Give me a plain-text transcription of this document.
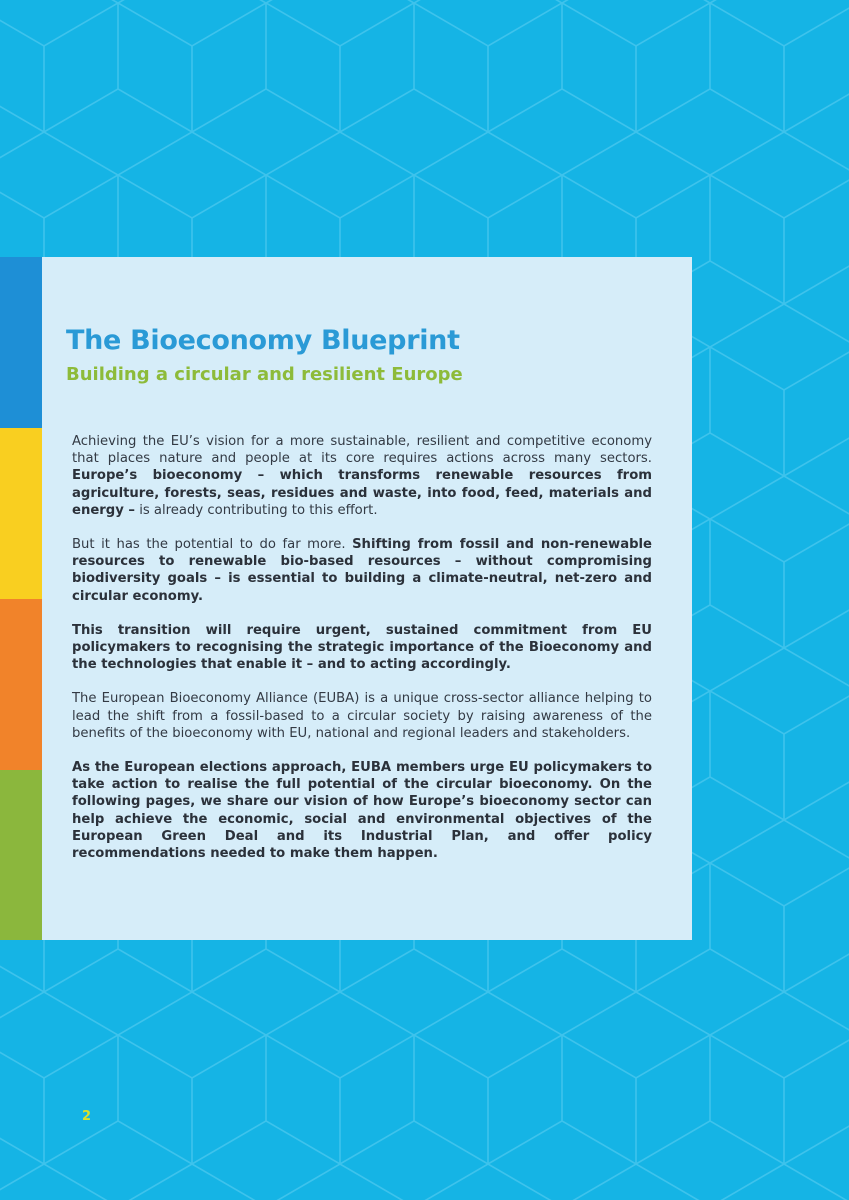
The Bioeconomy Blueprint
Building a circular and resilient Europe

Achieving the EU’s vision for a more sustainable, resilient and competitive economy that places nature and people at its core requires actions across many sectors. Europe’s bioeconomy – which transforms renewable resources from agriculture, forests, seas, residues and waste, into food, feed, materials and energy – is already contributing to this effort.

But it has the potential to do far more. Shifting from fossil and non-renewable resources to renewable bio-based resources – without compromising biodiversity goals – is essential to building a climate-neutral, net-zero and circular economy.

This transition will require urgent, sustained commitment from EU policymakers to recognising the strategic importance of the Bioeconomy and the technologies that enable it – and to acting accordingly.

The European Bioeconomy Alliance (EUBA) is a unique cross-sector alliance helping to lead the shift from a fossil-based to a circular society by raising awareness of the benefits of the bioeconomy with EU, national and regional leaders and stakeholders.

As the European elections approach, EUBA members urge EU policymakers to take action to realise the full potential of the circular bioeconomy. On the following pages, we share our vision of how Europe’s bioeconomy sector can help achieve the economic, social and environmental objectives of the European Green Deal and its Industrial Plan, and offer policy recommendations needed to make them happen.

2
